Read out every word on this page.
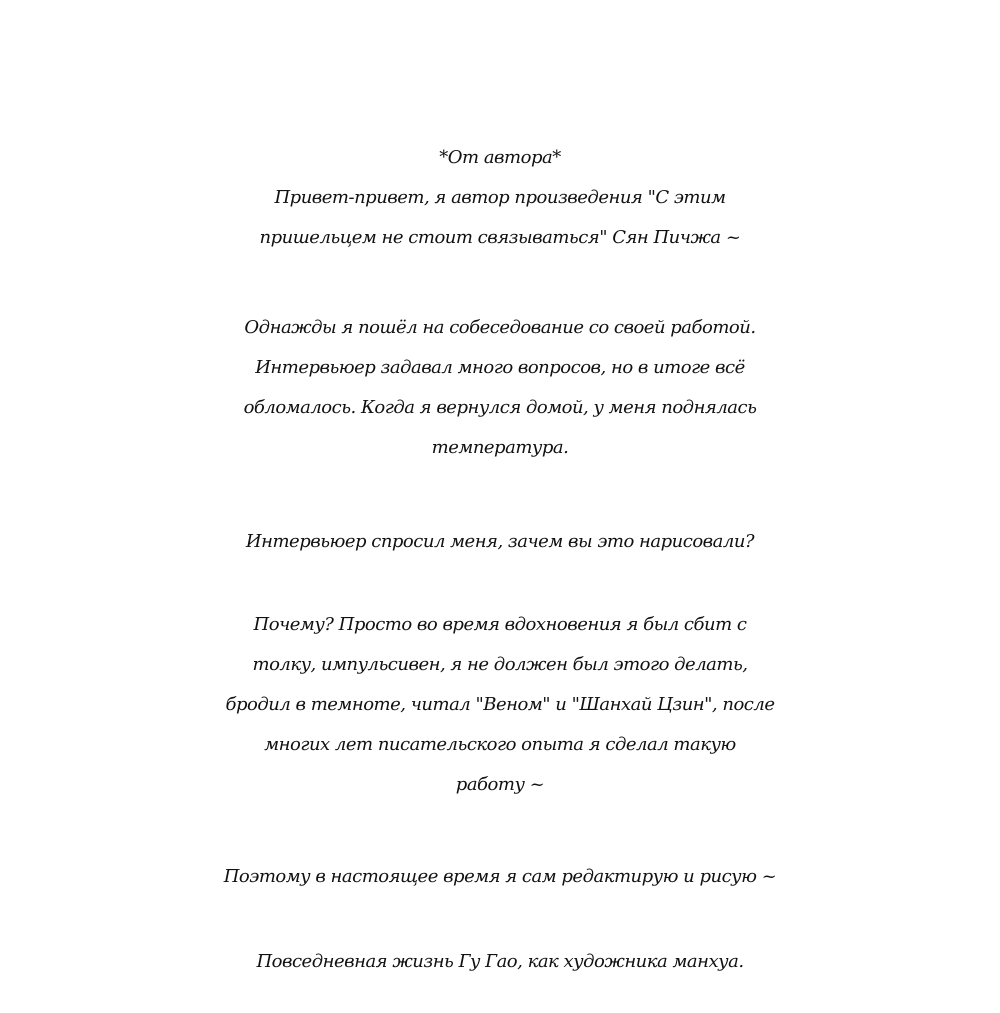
*От автора*
Привет-привет, я автор произведения "С этим
пришельцем не стоит связываться" Сян Пичжа ~
Однажды я пошёл на собеседование со своей работой.
Интервьюер задавал много вопросов, но в итоге всё
обломалось. Когда я вернулся домой, у меня поднялась
температура.
Интервьюер спросил меня, зачем вы это нарисовали?
Почему? Просто во время вдохновения я был сбит с
толку, импульсивен, я не должен был этого делать,
бродил в темноте, читал "Веном" и "Шанхай Цзин", после
многих лет писательского опыта я сделал такую
работу ~
Поэтому в настоящее время я сам редактирую и рисую ~
Повседневная жизнь Гу Гао, как художника манхуа.
